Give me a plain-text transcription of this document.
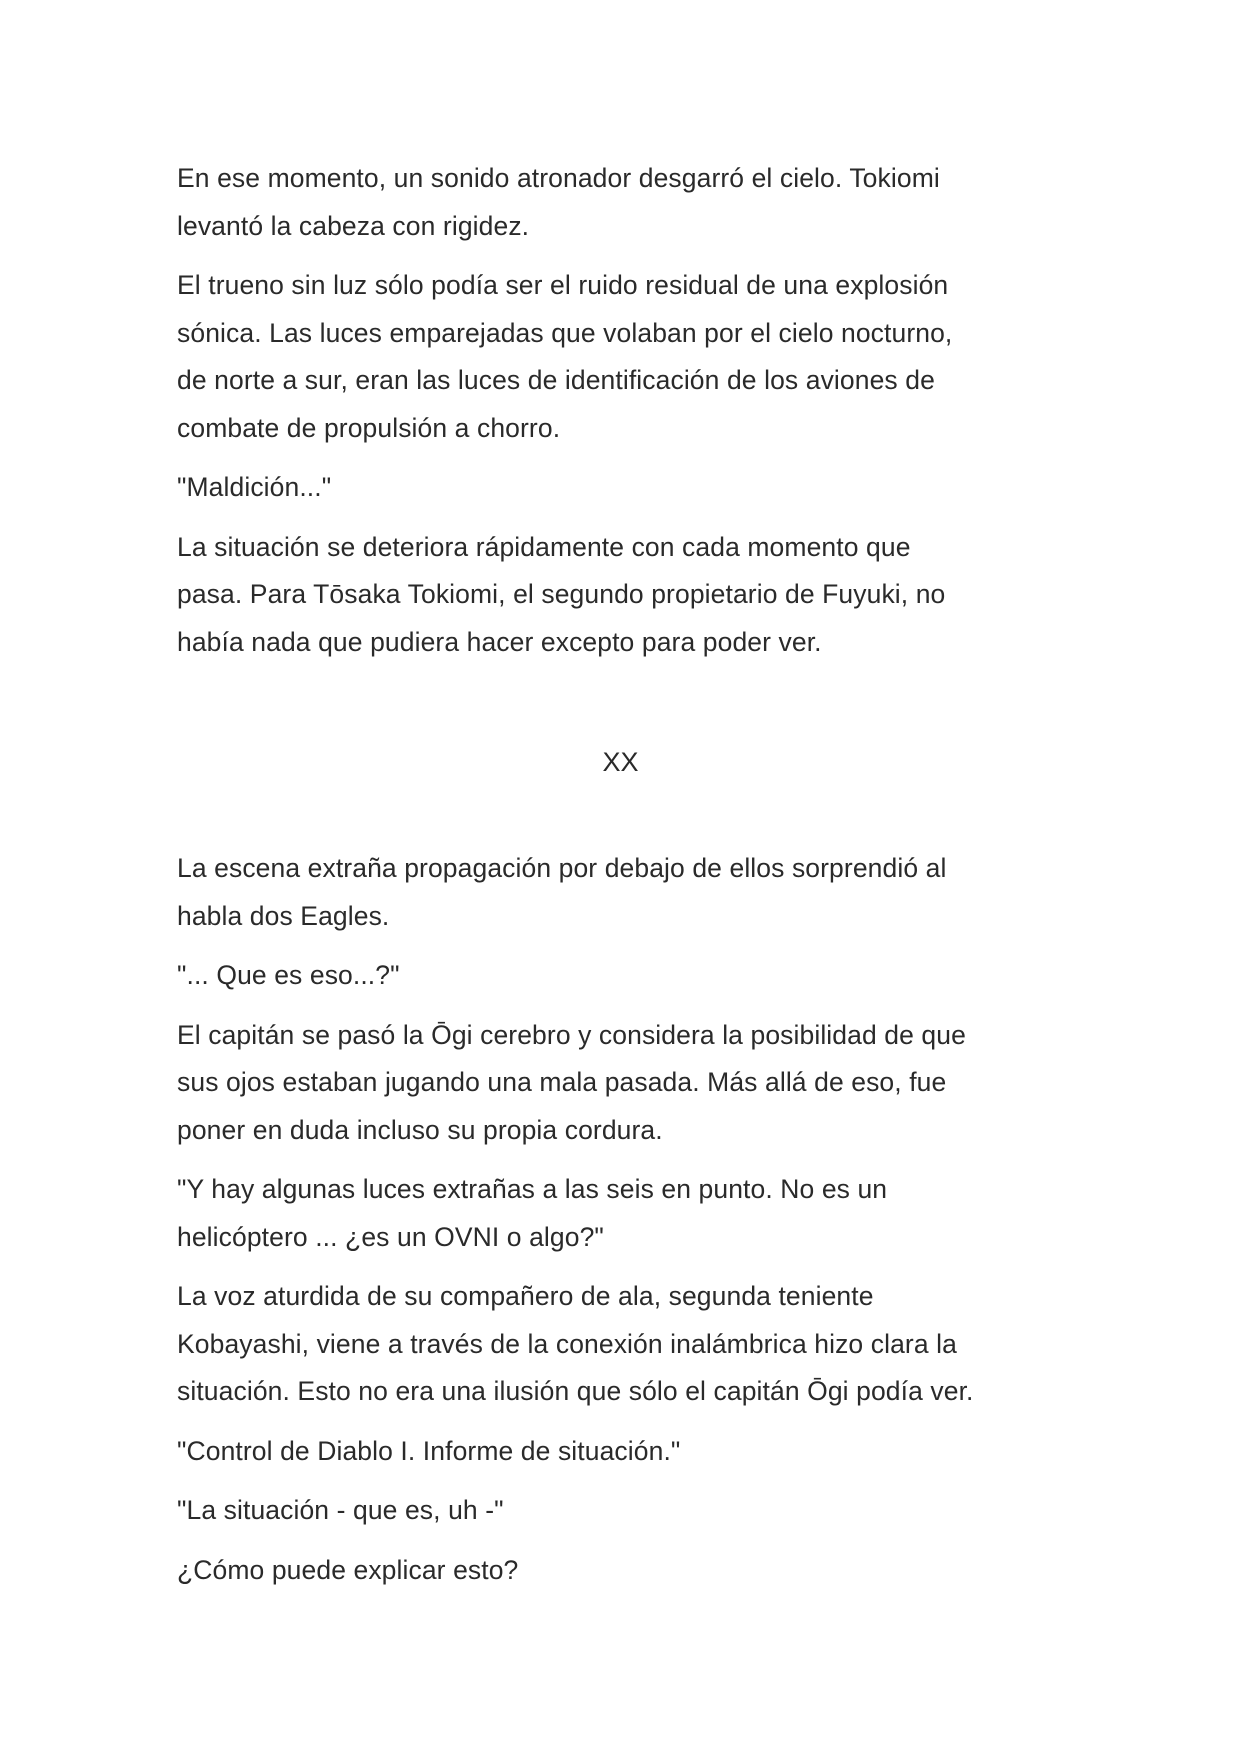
En ese momento, un sonido atronador desgarró el cielo. Tokiomi
levantó la cabeza con rigidez.

El trueno sin luz sólo podía ser el ruido residual de una explosión
sónica. Las luces emparejadas que volaban por el cielo nocturno,
de norte a sur, eran las luces de identificación de los aviones de
combate de propulsión a chorro.

"Maldición..."

La situación se deteriora rápidamente con cada momento que
pasa. Para Tōsaka Tokiomi, el segundo propietario de Fuyuki, no
había nada que pudiera hacer excepto para poder ver.

XX

La escena extraña propagación por debajo de ellos sorprendió al
habla dos Eagles.

"... Que es eso...?"

El capitán se pasó la Ōgi cerebro y considera la posibilidad de que
sus ojos estaban jugando una mala pasada. Más allá de eso, fue
poner en duda incluso su propia cordura.

"Y hay algunas luces extrañas a las seis en punto. No es un
helicóptero ... ¿es un OVNI o algo?"

La voz aturdida de su compañero de ala, segunda teniente
Kobayashi, viene a través de la conexión inalámbrica hizo clara la
situación. Esto no era una ilusión que sólo el capitán Ōgi podía ver.

"Control de Diablo I. Informe de situación."

"La situación - que es, uh -"

¿Cómo puede explicar esto?
